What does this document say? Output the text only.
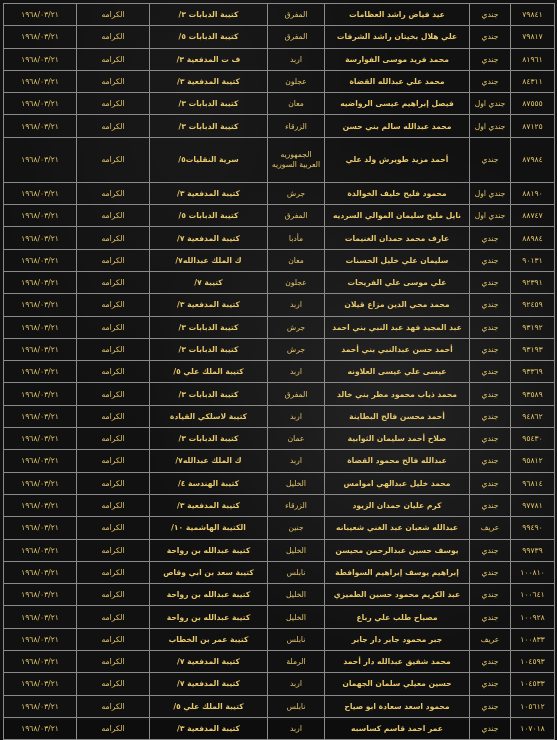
٧٩٨٤١	جندي	عيد فياض راشد العظامات	المفرق	كتيبة الدبابات ٣/	الكرامه	١٩٦٨/٠٣/٢١
٧٩٨١٧	جندي	علي هلال بخيتان راشد الشرفات	المفرق	كتيبة الدبابات ٥/	الكرامه	١٩٦٨/٠٣/٢١
٨١٩٦١	جندي	محمد فريد موسى الفوارسة	اربد	ف ت المدفعية ٣/	الكرامه	١٩٦٨/٠٣/٢١
٨٤٣١١	جندي	محمد علي عبدالله القضاة	عجلون	كتيبة المدفعية ٣/	الكرامه	١٩٦٨/٠٣/٢١
٨٧٥٥٥	جندي اول	فيصل إبراهيم عيسى الرواضيه	معان	كتيبة الدبابات ٣/	الكرامه	١٩٦٨/٠٣/٢١
٨٧١٢٥	جندي اول	محمد عبدالله سالم بني حسن	الزرقاء	كتيبة الدبابات ٣/	الكرامه	١٩٦٨/٠٣/٢١
٨٧٩٨٤	جندي	أحمد مزيد طويرش ولد علي	الجمهوريه العربية السوريه	سرية النقليات٥/	الكرامه	١٩٦٨/٠٣/٢١
٨٨١٩٠	جندي اول	محمود فليح خليف الخوالدة	جرش	كتيبة المدفعية ٣/	الكرامه	١٩٦٨/٠٣/٢١
٨٨٧٤٧	جندي اول	نايل مليح سليمان الموالي السرديه	المفرق	كتيبة الدبابات ٥/	الكرامه	١٩٦٨/٠٣/٢١
٨٨٩٨٤	جندي	عارف محمد حمدان الغنيمات	مأدبا	كتيبة المدفعية ٧/	الكرامه	١٩٦٨/٠٣/٢١
٩٠١٣١	جندي	سليمان علي خليل الحسنات	معان	ك الملك عبدالله٧/	الكرامه	١٩٦٨/٠٣/٢١
٩٢٣٩١	جندي	علي موسى علي الفريحات	عجلون	كتيبة ٧/	الكرامه	١٩٦٨/٠٣/٢١
٩٢٤٥٩	جندي	محمد محي الدين مزاع قيلان	اربد	كتيبة المدفعية ٣/	الكرامه	١٩٦٨/٠٣/٢١
٩٣١٩٢	جندي	عبد المجيد فهد عبد النبي بني احمد	جرش	كتيبة الدبابات ٣/	الكرامه	١٩٦٨/٠٣/٢١
٩٣١٩٣	جندي	أحمد حسن عبدالنبي بني أحمد	جرش	كتيبة الدبابات ٣/	الكرامه	١٩٦٨/٠٣/٢١
٩٣٣٦٩	جندي	عيسى علي عيسى العلاونه	اربد	كتيبة الملك علي ٥/	الكرامه	١٩٦٨/٠٣/٢١
٩٣٥٨٩	جندي	محمد ذياب محمود مطر بني خالد	المفرق	كتيبة الدبابات ٣/	الكرامه	١٩٦٨/٠٣/٢١
٩٤٨٦٢	جندي	أحمد محسن فالح البطاينة	اربد	كتيبة لاسلكي القيادة	الكرامه	١٩٦٨/٠٣/٢١
٩٥٤٣٠	جندي	صلاح أحمد سليمان الثوابية	عمان	كتيبة الدبابات ٣/	الكرامه	١٩٦٨/٠٣/٢١
٩٥٨١٢	جندي	عبدالله فالح محمود القضاة	اربد	ك الملك عبدالله٧/	الكرامه	١٩٦٨/٠٣/٢١
٩٦٨١٤	جندي	محمد خليل عبدالهي اموامس	الخليل	كتيبة الهندسة ٤/	الكرامه	١٩٦٨/٠٣/٢١
٩٧٧٨١	جندي	كرم عليان حمدان الزيود	الزرقاء	كتيبة المدفعية ٣/	الكرامه	١٩٦٨/٠٣/٢١
٩٩٤٩٠	عريف	عبدالله شعبان عبد الغني شعيبانه	جنين	الكتيبة الهاشمية ١٠/	الكرامه	١٩٦٨/٠٣/٢١
٩٩٧٣٩	جندي	يوسف حسين عبدالرحمن محيسن	الخليل	كتيبة عبدالله بن رواحة	الكرامه	١٩٦٨/٠٣/٢١
١٠٠٨١٠	جندي	إبراهيم يوسف إبراهيم السوافطة	نابلس	كتيبة سعد بن ابي وقاص	الكرامه	١٩٦٨/٠٣/٢١
١٠٠٦٤١	جندي	عبد الكريم محمود حسين الطميزي	الخليل	كتيبة عبدالله بن رواحة	الكرامه	١٩٦٨/٠٣/٢١
١٠٠٩٢٨	جندي	مصباح طلب علي رباع	الخليل	كتيبة عبدالله بن رواحة	الكرامه	١٩٦٨/٠٣/٢١
١٠٠٨٣٣	عريف	جبر محمود جابر دار جابر	نابلس	كتيبة عمر بن الخطاب	الكرامه	١٩٦٨/٠٣/٢١
١٠٤٥٩٣	جندي	محمد شفيق عبدالله دار أحمد	الرملة	كتيبة المدفعية ٧/	الكرامه	١٩٦٨/٠٣/٢١
١٠٤٥٣٣	جندي	حسين معيلي سلمان الجهمان	اربد	كتيبة المدفعية ٧/	الكرامه	١٩٦٨/٠٣/٢١
١٠٥٦١٢	جندي	محمود اسعد سعادة ابو صياح	نابلس	كتيبة الملك علي ٥/	الكرامه	١٩٦٨/٠٣/٢١
١٠٧٠١٨	جندي	عمر احمد قاسم كساسبه	اربد	كتيبة المدفعية ٣/	الكرامه	١٩٦٨/٠٣/٢١
